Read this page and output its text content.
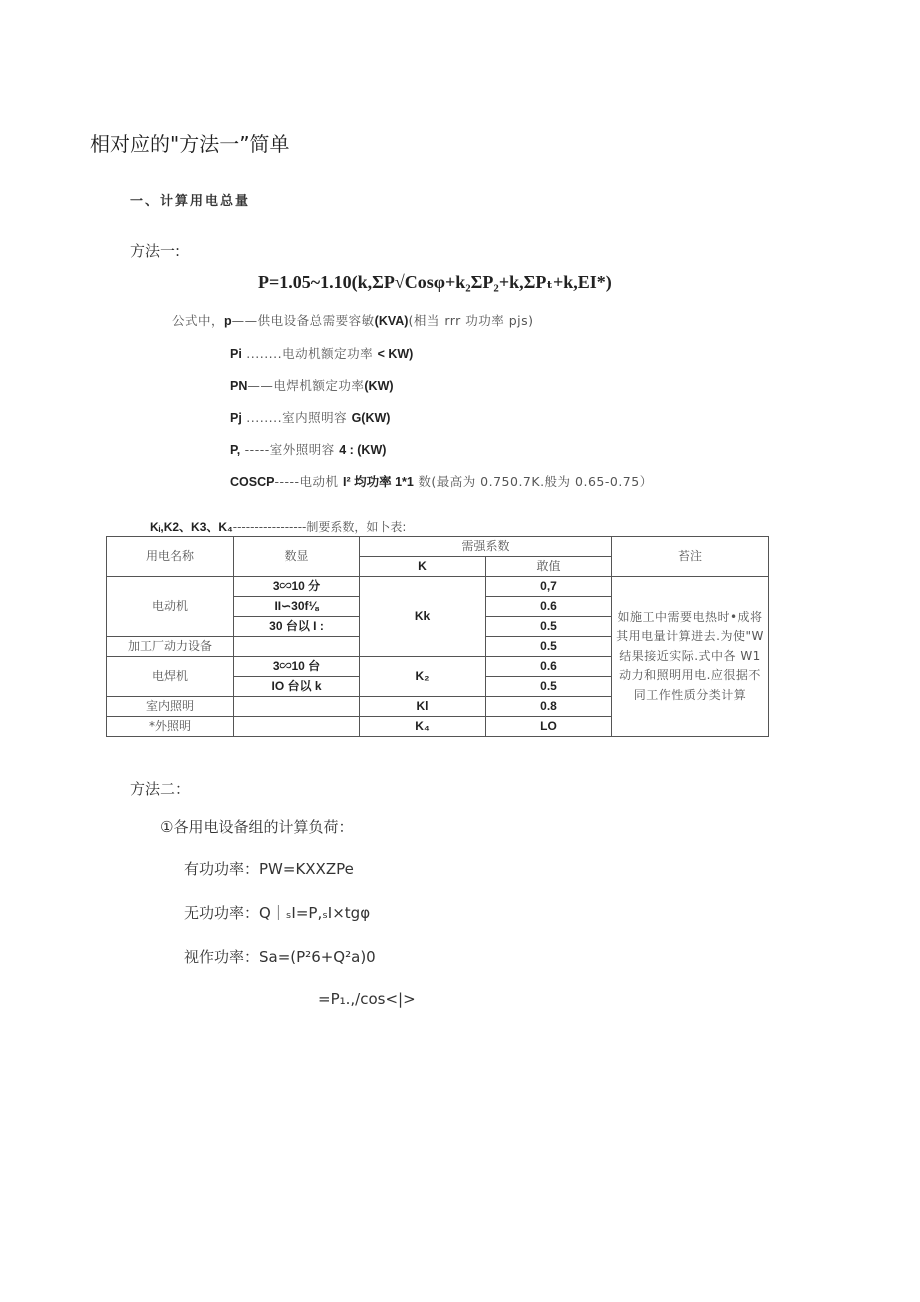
相对应的"方法一”简单
一、计算用电总量
方法一:
P=1.05~1.10(k,ΣP√Cosφ+k₂ΣP₂+k,ΣPₜ+k,EI*)
公式中，p——供电设备总需要容敏(KVA)(相当 rrr 功功率 pjs)
Pi ........电动机额定功率 < KW)
PN——电焊机额定功率(KW)
Pj ........室内照明容 G(KW)
P, -----室外照明容 4 : (KW)
COSCP-----电动机 I² 均功率 1*1 数(最高为 0.750.7K.般为 0.65-0.75）
Kᵢ,K2、K3、K₄-----------------制要系数，如卜表:
用电名称	数显	需强系数		苔注
		K	敢值	
电动机	3∽10 分	Kk	0,7	如施工中需要电热时•成将其用电量计算进去.为使"W 结果接近实际.式中各 W1 动力和照明用电.应很据不同工作性质分类计算
	II∽30f⅛		0.6	
	30 台以 I :		0.5	
加工厂动力设备			0.5	
电焊机	3∽10 台	K₂	0.6	
	IO 台以 k		0.5	
室内照明		Kl	0.8	
*外照明		K₄	LO	
方法二：
①各用电设备组的计算负荷：
有功功率：PW=KXXZPe
无功功率：Q｜ₛI=P,ₛI×tgφ
视作功率：Sa=(P²6+Q²a)0
=P₁.,/cos<|>
